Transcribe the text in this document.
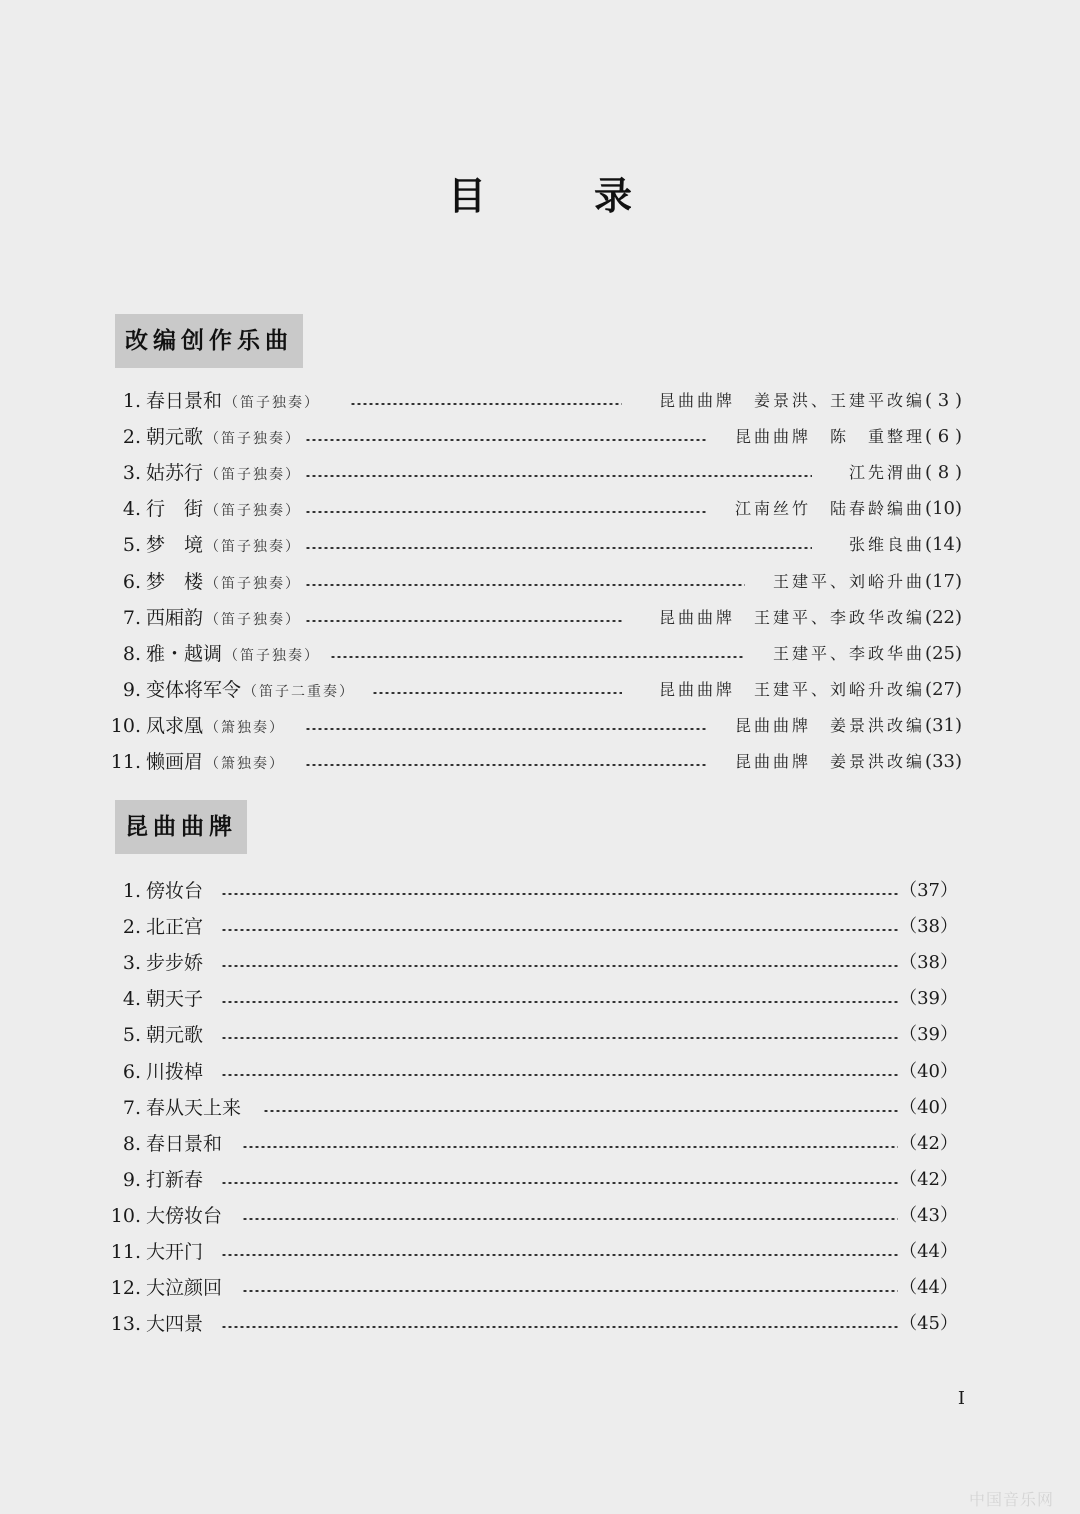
目	录
改编创作乐曲
1. 春日景和 （笛子独奏）	昆曲曲牌　姜景洪、王建平改编( 3 )
2. 朝元歌 （笛子独奏）	昆曲曲牌　陈　重整理( 6 )
3. 姑苏行 （笛子独奏）	江先渭曲( 8 )
4. 行　街 （笛子独奏）	江南丝竹　陆春龄编曲(10)
5. 梦　境 （笛子独奏）	张维良曲(14)
6. 梦　楼 （笛子独奏）	王建平、刘峪升曲(17)
7. 西厢韵 （笛子独奏）	昆曲曲牌　王建平、李政华改编(22)
8. 雅・越调 （笛子独奏）	王建平、李政华曲(25)
9. 变体将军令 （笛子二重奏）	昆曲曲牌　王建平、刘峪升改编(27)
10. 凤求凰 （箫独奏）	昆曲曲牌　姜景洪改编(31)
11. 懒画眉 （箫独奏）	昆曲曲牌　姜景洪改编(33)
昆曲曲牌
1. 傍妆台	（37）
2. 北正宫	（38）
3. 步步娇	（38）
4. 朝天子	（39）
5. 朝元歌	（39）
6. 川拨棹	（40）
7. 春从天上来	（40）
8. 春日景和	（42）
9. 打新春	（42）
10. 大傍妆台	（43）
11. 大开门	（44）
12. 大泣颜回	（44）
13. 大四景	（45）
I
中国音乐网
